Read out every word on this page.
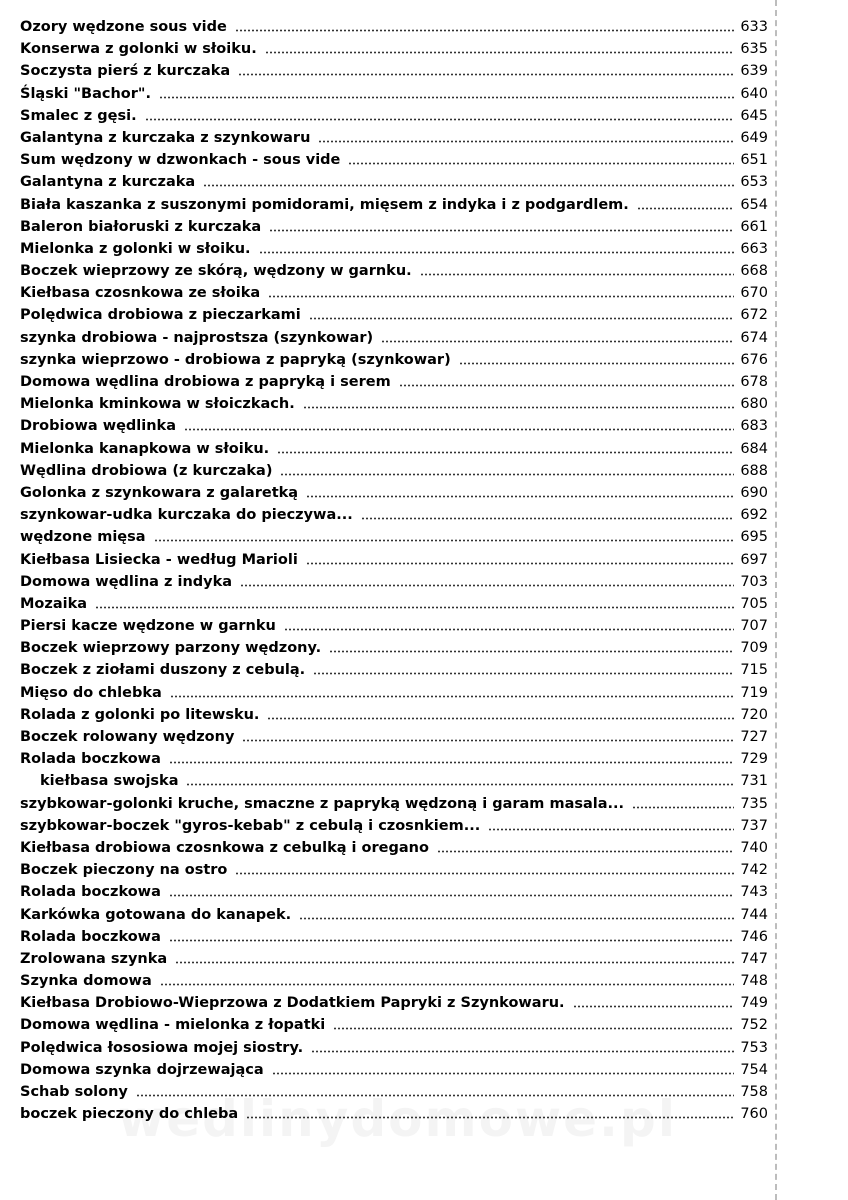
Ozory wędzone sous vide	633
Konserwa z golonki w słoiku.	635
Soczysta pierś z kurczaka	639
Śląski "Bachor".	640
Smalec z gęsi.	645
Galantyna z kurczaka z szynkowaru	649
Sum wędzony w dzwonkach - sous vide	651
Galantyna z kurczaka	653
Biała kaszanka z suszonymi pomidorami, mięsem z indyka i z podgardlem.	654
Baleron białoruski z kurczaka	661
Mielonka z golonki w słoiku.	663
Boczek wieprzowy ze skórą, wędzony w garnku.	668
Kiełbasa czosnkowa ze słoika	670
Polędwica drobiowa z pieczarkami	672
szynka drobiowa - najprostsza (szynkowar)	674
szynka wieprzowo - drobiowa z papryką (szynkowar)	676
Domowa wędlina drobiowa z papryką i serem	678
Mielonka kminkowa w słoiczkach.	680
Drobiowa wędlinka	683
Mielonka kanapkowa w słoiku.	684
Wędlina drobiowa (z kurczaka)	688
Golonka z szynkowara z galaretką	690
szynkowar-udka kurczaka do pieczywa...	692
wędzone mięsa	695
Kiełbasa Lisiecka - według Marioli	697
Domowa wędlina z indyka	703
Mozaika	705
Piersi kacze wędzone w garnku	707
Boczek wieprzowy parzony wędzony.	709
Boczek z ziołami duszony z cebulą.	715
Mięso do chlebka	719
Rolada z golonki po litewsku.	720
Boczek rolowany wędzony	727
Rolada boczkowa	729
kiełbasa swojska	731
szybkowar-golonki kruche, smaczne z papryką wędzoną i garam masala...	735
szybkowar-boczek "gyros-kebab" z cebulą i czosnkiem...	737
Kiełbasa drobiowa czosnkowa z cebulką i oregano	740
Boczek pieczony na ostro	742
Rolada boczkowa	743
Karkówka gotowana do kanapek.	744
Rolada boczkowa	746
Zrolowana szynka	747
Szynka domowa	748
Kiełbasa Drobiowo-Wieprzowa z Dodatkiem Papryki z Szynkowaru.	749
Domowa wędlina - mielonka z łopatki	752
Polędwica łososiowa mojej siostry.	753
Domowa szynka dojrzewająca	754
Schab solony	758
boczek pieczony do chleba	760
